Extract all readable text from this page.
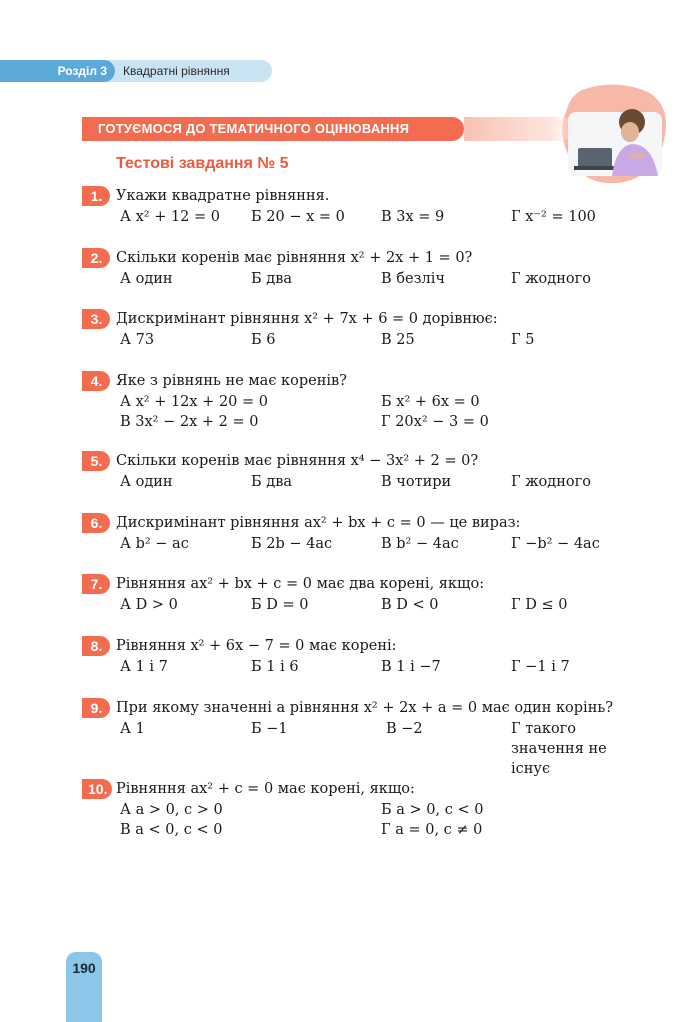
Розділ 3	Квадратні рівняння
ГОТУЄМОСЯ ДО ТЕМАТИЧНОГО ОЦІНЮВАННЯ
Тестові завдання № 5
1. Укажи квадратне рівняння.
А x² + 12 = 0 Б 20 − x = 0 В 3x = 9	Г x⁻² = 100
2. Скільки коренів має рівняння x² + 2x + 1 = 0?
А один	Б два	В безліч	Г жодного
3. Дискримінант рівняння x² + 7x + 6 = 0 дорівнює:
А 73	Б 6	В 25	Г 5
4. Яке з рівнянь не має коренів?
А x² + 12x + 20 = 0	Б x² + 6x = 0
В 3x² − 2x + 2 = 0	Г 20x² − 3 = 0
5. Скільки коренів має рівняння x⁴ − 3x² + 2 = 0?
А один	Б два	В чотири	Г жодного
6. Дискримінант рівняння ax² + bx + c = 0 — це вираз:
А b² − ac	Б 2b − 4ac	В b² − 4ac	Г −b² − 4ac
7. Рівняння ax² + bx + c = 0 має два корені, якщо:
А D > 0	Б D = 0	В D < 0	Г D ≤ 0
8. Рівняння x² + 6x − 7 = 0 має корені:
А 1 і 7	Б 1 і 6	В 1 і −7	Г −1 і 7
9. При якому значенні a рівняння x² + 2x + a = 0 має один корінь?
А 1	Б −1	В −2	Г такого значення не існує
10. Рівняння ax² + c = 0 має корені, якщо:
А a > 0, c > 0	Б a > 0, c < 0
В a < 0, c < 0	Г a = 0, c ≠ 0
190
